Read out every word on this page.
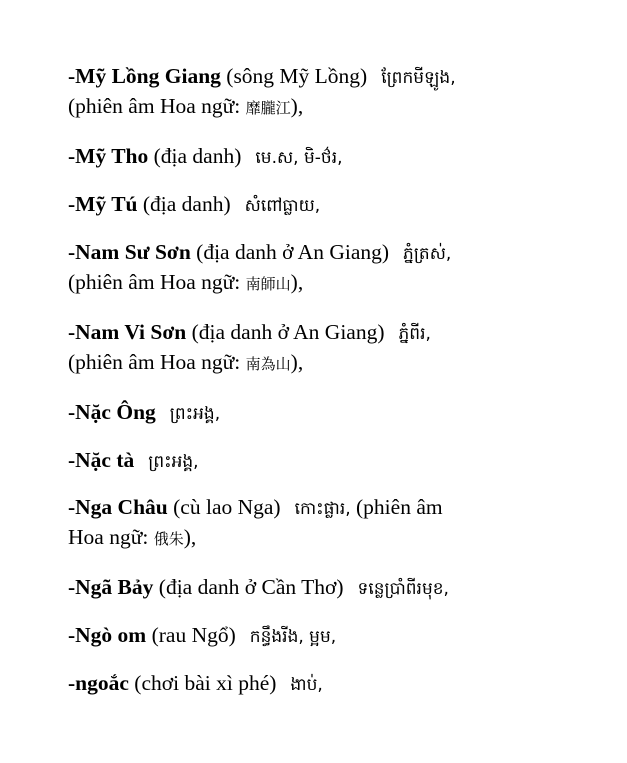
-Mỹ Lồng Giang (sông Mỹ Lồng) ព្រែកមីឡូង,
(phiên âm Hoa ngữ: 靡朧江),
-Mỹ Tho (địa danh) មេ.ស, មិ-ថ៌រ,
-Mỹ Tú (địa danh) សំពៅធ្លាយ,
-Nam Sư Sơn (địa danh ở An Giang) ភ្នំត្រស់,
(phiên âm Hoa ngữ: 南師山),
-Nam Vi Sơn (địa danh ở An Giang) ភ្នំពីរ,
(phiên âm Hoa ngữ: 南為山),
-Nặc Ông ព្រះអង្គ,
-Nặc tà ព្រះអង្គ,
-Nga Châu (cù lao Nga) កោះផ្លារ, (phiên âm
Hoa ngữ: 俄朱),
-Ngã Bảy (địa danh ở Cần Thơ) ទន្លេប្រាំពីរមុខ,
-Ngò om (rau Ngổ) កន្ធឹងរីង, ម្អម,
-ngoắc (chơi bài xì phé) ងាប់,
